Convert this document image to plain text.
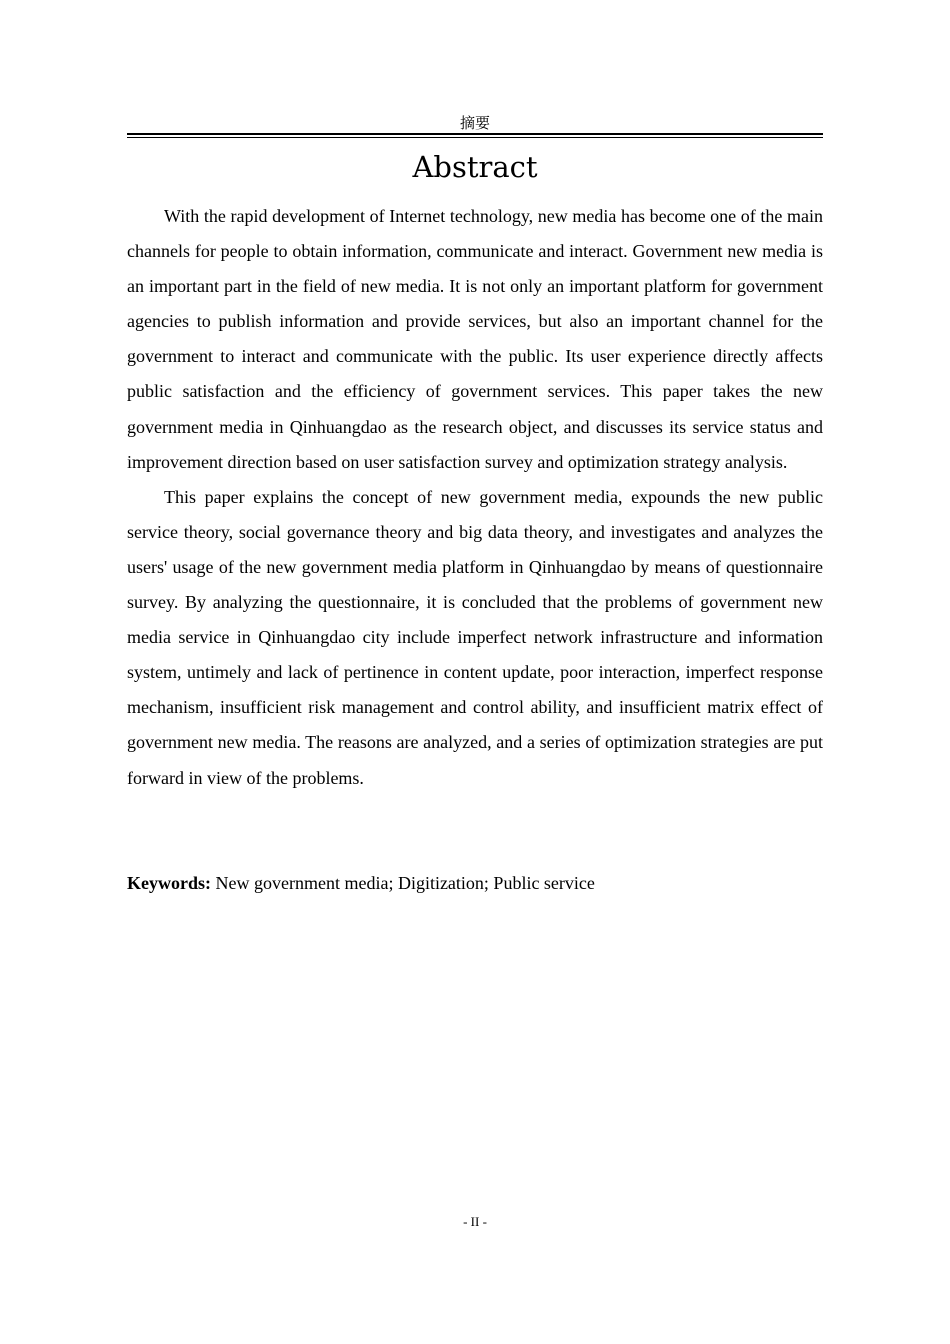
摘要
Abstract

With the rapid development of Internet technology, new media has become one of the main channels for people to obtain information, communicate and interact. Government new media is an important part in the field of new media. It is not only an important platform for government agencies to publish information and provide services, but also an important channel for the government to interact and communicate with the public. Its user experience directly affects public satisfaction and the efficiency of government services. This paper takes the new government media in Qinhuangdao as the research object, and discusses its service status and improvement direction based on user satisfaction survey and optimization strategy analysis.

This paper explains the concept of new government media, expounds the new public service theory, social governance theory and big data theory, and investigates and analyzes the users' usage of the new government media platform in Qinhuangdao by means of questionnaire survey. By analyzing the questionnaire, it is concluded that the problems of government new media service in Qinhuangdao city include imperfect network infrastructure and information system, untimely and lack of pertinence in content update, poor interaction, imperfect response mechanism, insufficient risk management and control ability, and insufficient matrix effect of government new media. The reasons are analyzed, and a series of optimization strategies are put forward in view of the problems.

Keywords: New government media; Digitization; Public service
- II -
